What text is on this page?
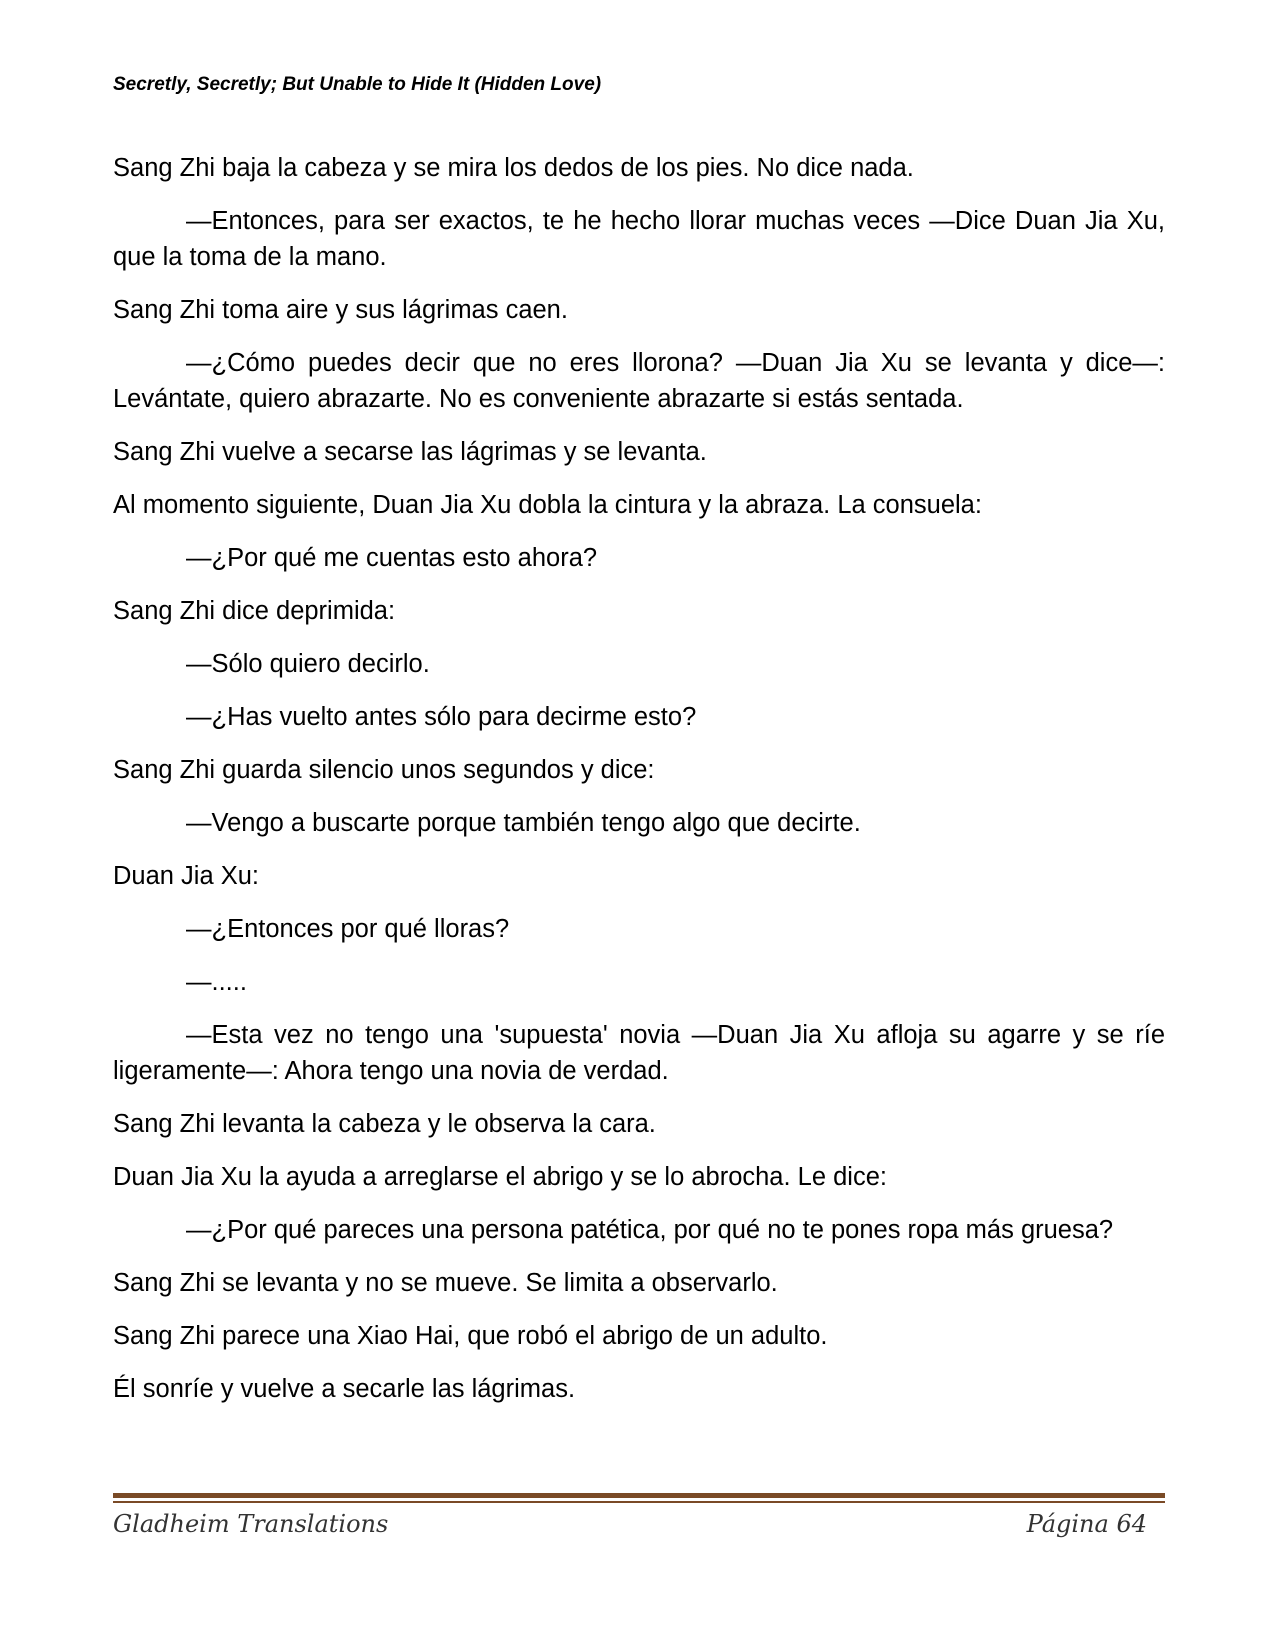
Secretly, Secretly; But Unable to Hide It (Hidden Love)

Sang Zhi baja la cabeza y se mira los dedos de los pies. No dice nada.

—Entonces, para ser exactos, te he hecho llorar muchas veces —Dice Duan Jia Xu, que la toma de la mano.

Sang Zhi toma aire y sus lágrimas caen.

—¿Cómo puedes decir que no eres llorona? —Duan Jia Xu se levanta y dice—: Levántate, quiero abrazarte. No es conveniente abrazarte si estás sentada.

Sang Zhi vuelve a secarse las lágrimas y se levanta.

Al momento siguiente, Duan Jia Xu dobla la cintura y la abraza. La consuela:

—¿Por qué me cuentas esto ahora?

Sang Zhi dice deprimida:

—Sólo quiero decirlo.

—¿Has vuelto antes sólo para decirme esto?

Sang Zhi guarda silencio unos segundos y dice:

—Vengo a buscarte porque también tengo algo que decirte.

Duan Jia Xu:

—¿Entonces por qué lloras?

—.....

—Esta vez no tengo una 'supuesta' novia —Duan Jia Xu afloja su agarre y se ríe ligeramente—: Ahora tengo una novia de verdad.

Sang Zhi levanta la cabeza y le observa la cara.

Duan Jia Xu la ayuda a arreglarse el abrigo y se lo abrocha. Le dice:

—¿Por qué pareces una persona patética, por qué no te pones ropa más gruesa?

Sang Zhi se levanta y no se mueve. Se limita a observarlo.

Sang Zhi parece una Xiao Hai, que robó el abrigo de un adulto.

Él sonríe y vuelve a secarle las lágrimas.

Gladheim Translations	Página 64
